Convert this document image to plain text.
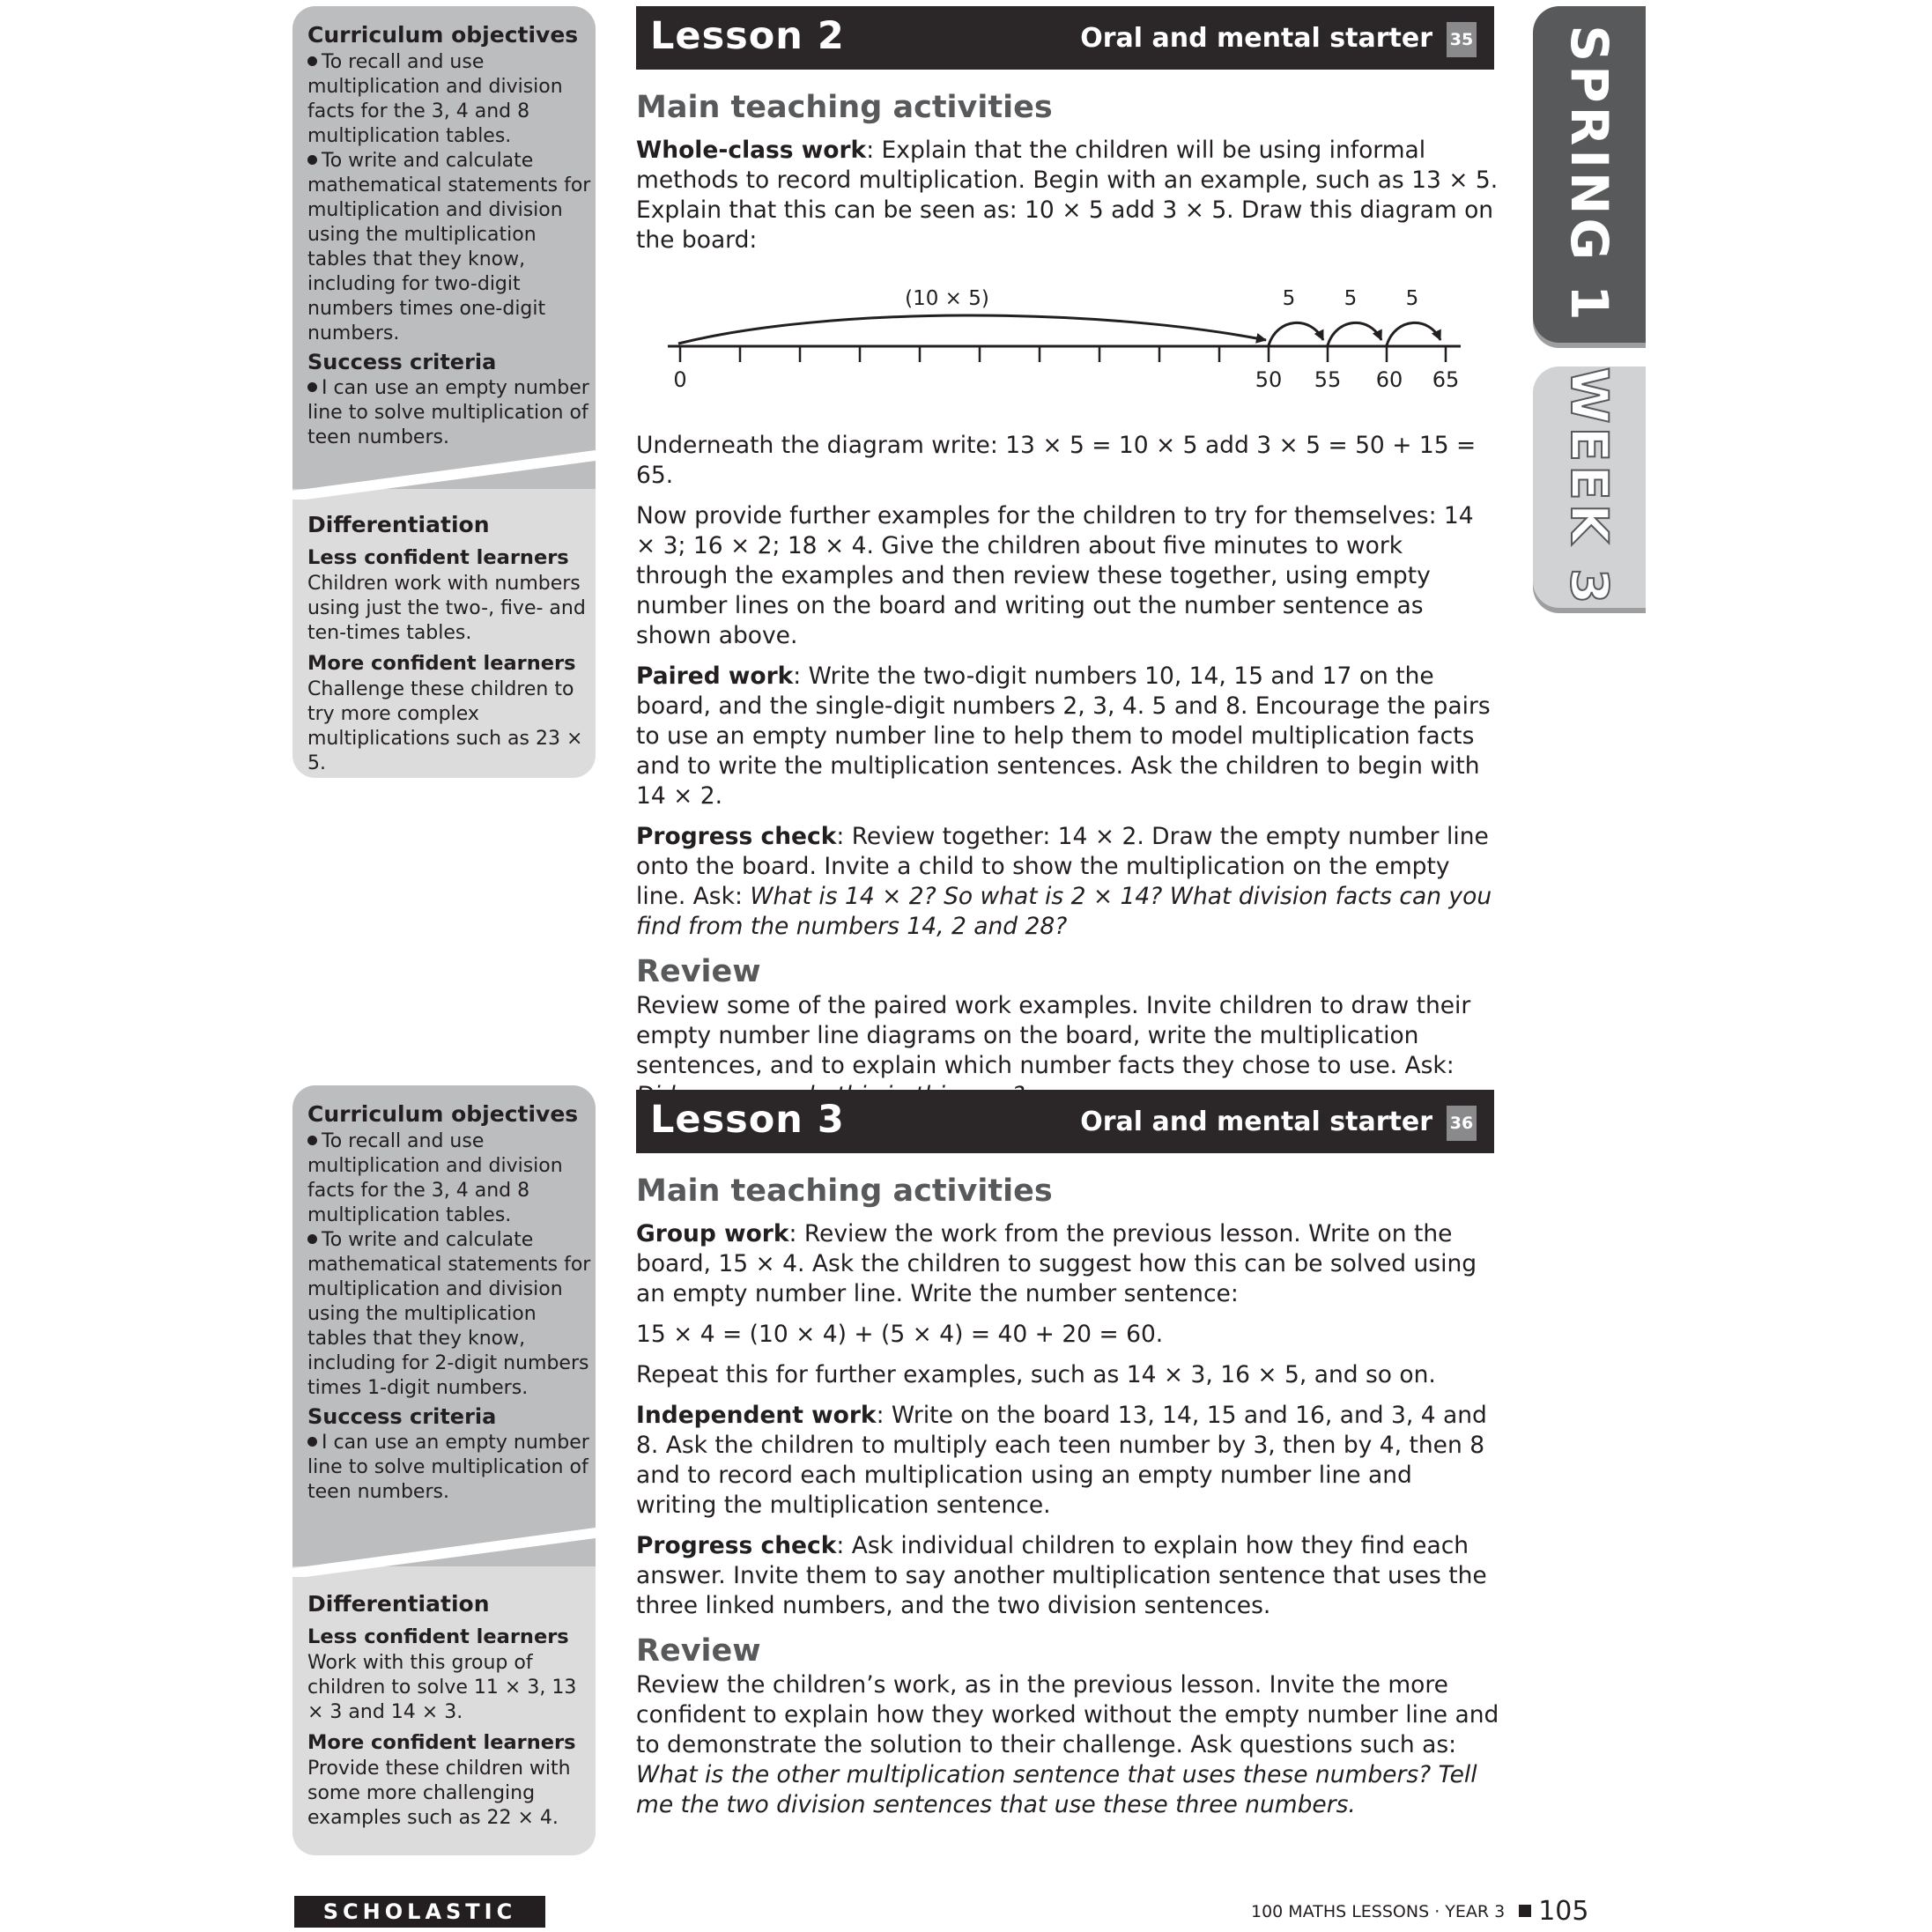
Curriculum objectives

To recall and use multiplication and division facts for the 3, 4 and 8 multiplication tables.

To write and calculate mathematical statements for multiplication and division using the multiplication tables that they know, including for two-digit numbers times one-digit numbers.

Success criteria

I can use an empty number line to solve multiplication of teen numbers.

Differentiation
Less confident learners

Children work with numbers using just the two-, five- and ten-times tables.

More confident learners

Challenge these children to try more complex multiplications such as 23 × 5.

Lesson 2	Oral and mental starter 35
Main teaching activities

Whole-class work: Explain that the children will be using informal methods to record multiplication. Begin with an example, such as 13 × 5. Explain that this can be seen as: 10 × 5 add 3 × 5. Draw this diagram on the board:

(10 × 5)	5 5 5
0	50 55 60 65

Underneath the diagram write: 13 × 5 = 10 × 5 add 3 × 5 = 50 + 15 = 65.

Now provide further examples for the children to try for themselves: 14 × 3; 16 × 2; 18 × 4. Give the children about five minutes to work through the examples and then review these together, using empty number lines on the board and writing out the number sentence as shown above.

Paired work: Write the two-digit numbers 10, 14, 15 and 17 on the board, and the single-digit numbers 2, 3, 4. 5 and 8. Encourage the pairs to use an empty number line to help them to model multiplication facts and to write the multiplication sentences. Ask the children to begin with 14 × 2.

Progress check: Review together: 14 × 2. Draw the empty number line onto the board. Invite a child to show the multiplication on the empty line. Ask: What is 14 × 2? So what is 2 × 14? What division facts can you find from the numbers 14, 2 and 28?

Review

Review some of the paired work examples. Invite children to draw their empty number line diagrams on the board, write the multiplication sentences, and to explain which number facts they chose to use. Ask:

Curriculum objectives

To recall and use multiplication and division facts for the 3, 4 and 8 multiplication tables.

To write and calculate mathematical statements for multiplication and division using the multiplication tables that they know, including for 2-digit numbers times 1-digit numbers.

Success criteria

I can use an empty number line to solve multiplication of teen numbers.

Differentiation
Less confident learners

Work with this group of children to solve 11 × 3, 13 × 3 and 14 × 3.

More confident learners

Provide these children with some more challenging examples such as 22 × 4.

Lesson 3	Oral and mental starter 36
Main teaching activities

Group work: Review the work from the previous lesson. Write on the board, 15 × 4. Ask the children to suggest how this can be solved using an empty number line. Write the number sentence:

15 × 4 = (10 × 4) + (5 × 4) = 40 + 20 = 60.

Repeat this for further examples, such as 14 × 3, 16 × 5, and so on.

Independent work: Write on the board 13, 14, 15 and 16, and 3, 4 and 8. Ask the children to multiply each teen number by 3, then by 4, then 8 and to record each multiplication using an empty number line and writing the multiplication sentence.

Progress check: Ask individual children to explain how they find each answer. Invite them to say another multiplication sentence that uses the three linked numbers, and the two division sentences.

Review

Review the children’s work, as in the previous lesson. Invite the more confident to explain how they worked without the empty number line and to demonstrate the solution to their challenge. Ask questions such as: What is the other multiplication sentence that uses these numbers? Tell me the two division sentences that use these three numbers.

SPRING 1
WEEK 3
SCHOLASTIC	100 MATHS LESSONS · YEAR 3 105
